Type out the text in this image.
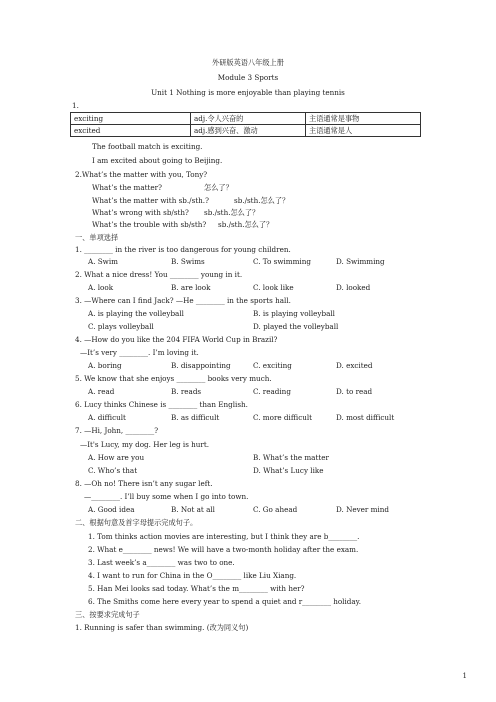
外研版英语八年级上册
Module 3 Sports
Unit 1 Nothing is more enjoyable than playing tennis
1.
exciting	adj.令人兴奋的	主语通常是事物
excited	adj.感到兴奋、激动	主语通常是人
The football match is exciting.
I am excited about going to Beijing.
2.What’s the matter with you, Tony?
What’s the matter?	怎么了？
What’s the matter with sb./sth.?	sb./sth.怎么了？
What’s wrong with sb/sth? sb./sth.怎么了？
What’s the trouble with sb/sth? sb./sth.怎么了？
一、单项选择
1. ________ in the river is too dangerous for young children.
A. Swim	B. Swims	C. To swimming	D. Swimming
2. What a nice dress! You ________ young in it.
A. look	B. are look	C. look like	D. looked
3. —Where can I find Jack? —He ________ in the sports hall.
A. is playing the volleyball	B. is playing volleyball
C. plays volleyball	D. played the volleyball
4. —How do you like the 204 FIFA World Cup in Brazil?
—It’s very ________. I’m loving it.
A. boring	B. disappointing	C. exciting	D. excited
5. We know that she enjoys ________ books very much.
A. read	B. reads	C. reading	D. to read
6. Lucy thinks Chinese is ________ than English.
A. difficult	B. as difficult	C. more difficult	D. most difficult
7. —Hi, John, ________?
—It's Lucy, my dog. Her leg is hurt.
A. How are you	B. What’s the matter
C. Who’s that	D. What’s Lucy like
8. —Oh no! There isn’t any sugar left.
—________. I’ll buy some when I go into town.
A. Good idea	B. Not at all	C. Go ahead	D. Never mind
二、根据句意及首字母提示完成句子。
1. Tom thinks action movies are interesting, but I think they are b________.
2. What e________ news! We will have a two-month holiday after the exam.
3. Last week’s a________ was two to one.
4. I want to run for China in the O________ like Liu Xiang.
5. Han Mei looks sad today. What’s the m________ with her?
6. The Smiths come here every year to spend a quiet and r________ holiday.
三、按要求完成句子
1. Running is safer than swimming. (改为同义句)
1
